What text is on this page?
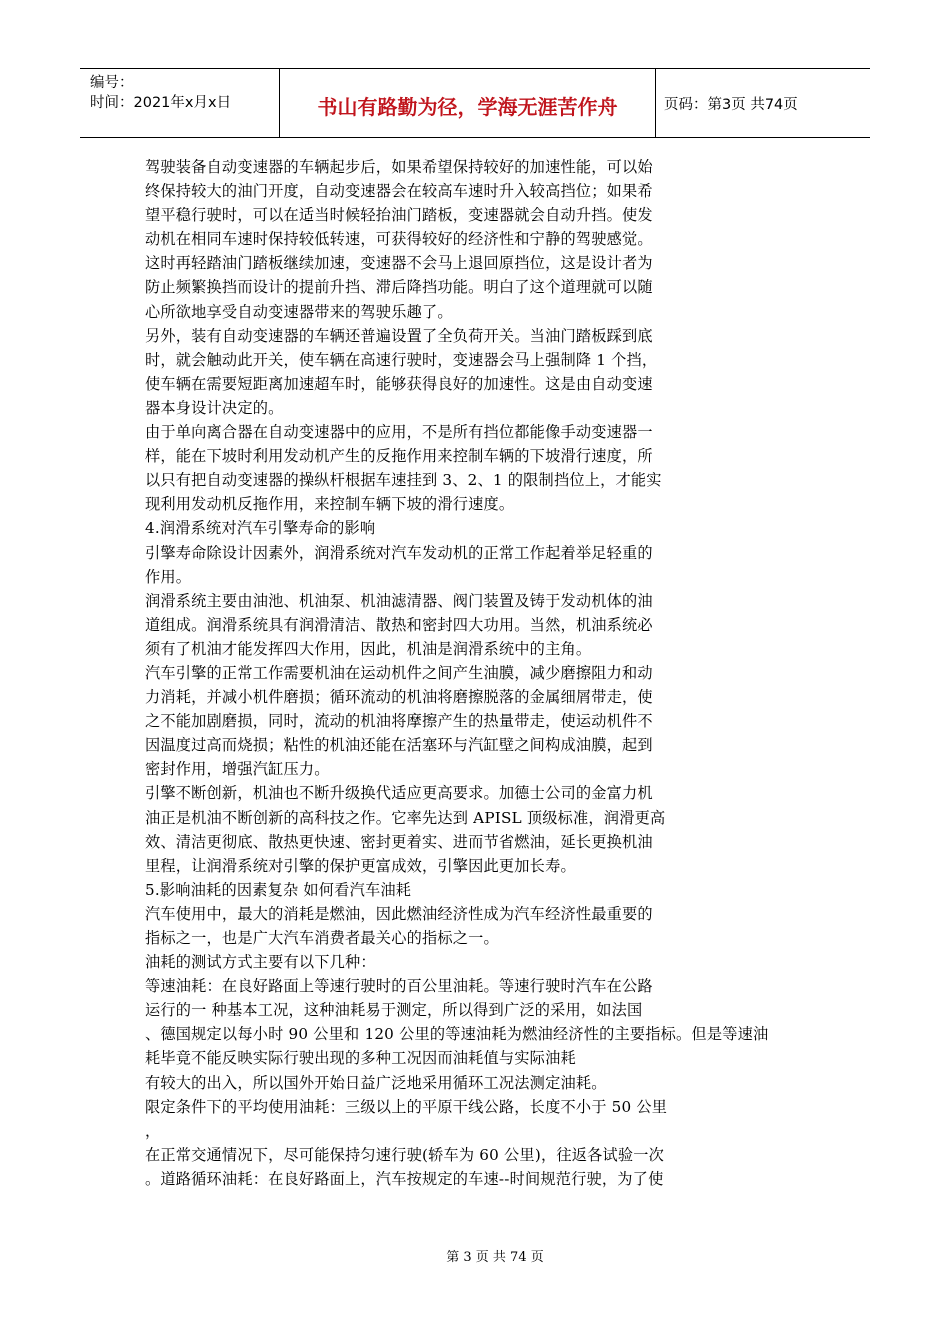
编号：
时间：2021年x月x日	书山有路勤为径，学海无涯苦作舟	页码：第3页 共74页
驾驶装备自动变速器的车辆起步后，如果希望保持较好的加速性能，可以始
终保持较大的油门开度，自动变速器会在较高车速时升入较高挡位；如果希
望平稳行驶时，可以在适当时候轻抬油门踏板，变速器就会自动升挡。使发
动机在相同车速时保持较低转速，可获得较好的经济性和宁静的驾驶感觉。
这时再轻踏油门踏板继续加速，变速器不会马上退回原挡位，这是设计者为
防止频繁换挡而设计的提前升挡、滞后降挡功能。明白了这个道理就可以随
心所欲地享受自动变速器带来的驾驶乐趣了。
另外，装有自动变速器的车辆还普遍设置了全负荷开关。当油门踏板踩到底
时，就会触动此开关，使车辆在高速行驶时，变速器会马上强制降 1 个挡，
使车辆在需要短距离加速超车时，能够获得良好的加速性。这是由自动变速
器本身设计决定的。
由于单向离合器在自动变速器中的应用，不是所有挡位都能像手动变速器一
样，能在下坡时利用发动机产生的反拖作用来控制车辆的下坡滑行速度，所
以只有把自动变速器的操纵杆根据车速挂到 3、2、1 的限制挡位上，才能实
现利用发动机反拖作用，来控制车辆下坡的滑行速度。
4.润滑系统对汽车引擎寿命的影响
引擎寿命除设计因素外，润滑系统对汽车发动机的正常工作起着举足轻重的
作用。
润滑系统主要由油池、机油泵、机油滤清器、阀门装置及铸于发动机体的油
道组成。润滑系统具有润滑清洁、散热和密封四大功用。当然，机油系统必
须有了机油才能发挥四大作用，因此，机油是润滑系统中的主角。
汽车引擎的正常工作需要机油在运动机件之间产生油膜，减少磨擦阻力和动
力消耗，并减小机件磨损；循环流动的机油将磨擦脱落的金属细屑带走，使
之不能加剧磨损，同时，流动的机油将摩擦产生的热量带走，使运动机件不
因温度过高而烧损；粘性的机油还能在活塞环与汽缸壁之间构成油膜，起到
密封作用，增强汽缸压力。
引擎不断创新，机油也不断升级换代适应更高要求。加德士公司的金富力机
油正是机油不断创新的高科技之作。它率先达到 APISL 顶级标准，润滑更高
效、清洁更彻底、散热更快速、密封更着实、进而节省燃油，延长更换机油
里程，让润滑系统对引擎的保护更富成效，引擎因此更加长寿。
5.影响油耗的因素复杂 如何看汽车油耗
汽车使用中，最大的消耗是燃油，因此燃油经济性成为汽车经济性最重要的
指标之一，也是广大汽车消费者最关心的指标之一。
油耗的测试方式主要有以下几种：
等速油耗：在良好路面上等速行驶时的百公里油耗。等速行驶时汽车在公路
运行的一 种基本工况，这种油耗易于测定，所以得到广泛的采用，如法国
、德国规定以每小时 90 公里和 120 公里的等速油耗为燃油经济性的主要指标。但是等速油
耗毕竟不能反映实际行驶出现的多种工况因而油耗值与实际油耗
有较大的出入，所以国外开始日益广泛地采用循环工况法测定油耗。
限定条件下的平均使用油耗：三级以上的平原干线公路，长度不小于 50 公里
，
在正常交通情况下，尽可能保持匀速行驶(轿车为 60 公里)，往返各试验一次
。道路循环油耗：在良好路面上，汽车按规定的车速--时间规范行驶，为了使
第 3 页 共 74 页
